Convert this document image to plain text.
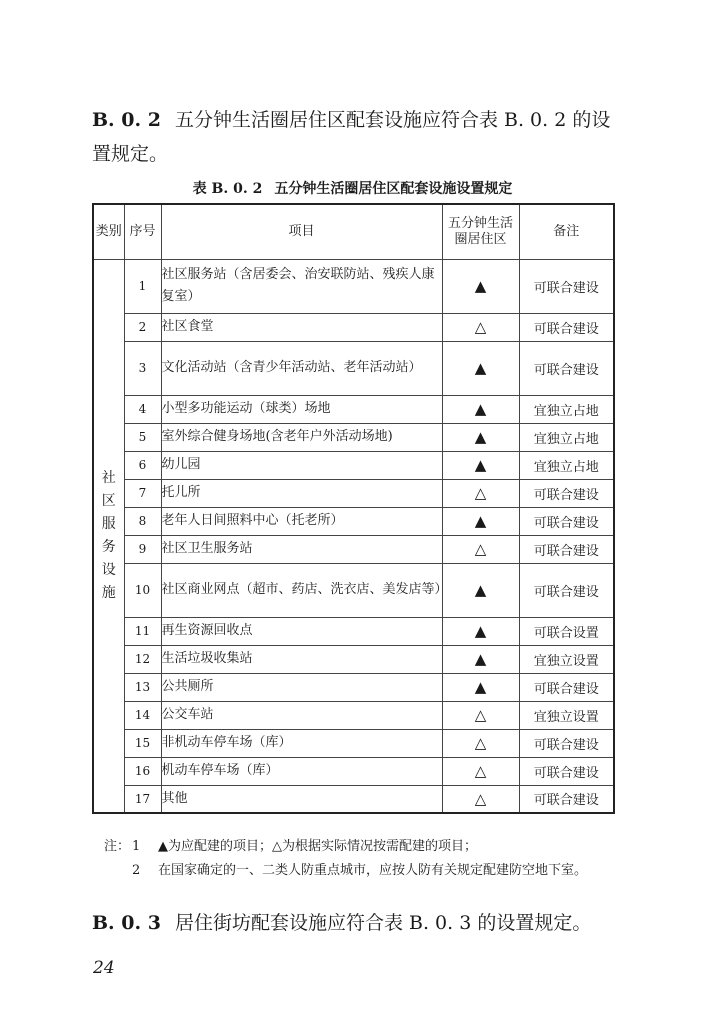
B. 0. 2 五分钟生活圈居住区配套设施应符合表 B. 0. 2 的设置规定。
表 B. 0. 2 五分钟生活圈居住区配套设施设置规定
类别	序号	项目	五分钟生活圈居住区	备注
社区服务设施	1	社区服务站（含居委会、治安联防站、残疾人康复室）	▲	可联合建设
	2	社区食堂	△	可联合建设
	3	文化活动站（含青少年活动站、老年活动站）	▲	可联合建设
	4	小型多功能运动（球类）场地	▲	宜独立占地
	5	室外综合健身场地(含老年户外活动场地)	▲	宜独立占地
	6	幼儿园	▲	宜独立占地
	7	托儿所	△	可联合建设
	8	老年人日间照料中心（托老所）	▲	可联合建设
	9	社区卫生服务站	△	可联合建设
	10	社区商业网点（超市、药店、洗衣店、美发店等）	▲	可联合建设
	11	再生资源回收点	▲	可联合设置
	12	生活垃圾收集站	▲	宜独立设置
	13	公共厕所	▲	可联合建设
	14	公交车站	△	宜独立设置
	15	非机动车停车场（库）	△	可联合建设
	16	机动车停车场（库）	△	可联合建设
	17	其他	△	可联合建设
注： 1	▲为应配建的项目；△为根据实际情况按需配建的项目；
2	在国家确定的一、二类人防重点城市，应按人防有关规定配建防空地下室。
B. 0. 3 居住街坊配套设施应符合表 B. 0. 3 的设置规定。
24
